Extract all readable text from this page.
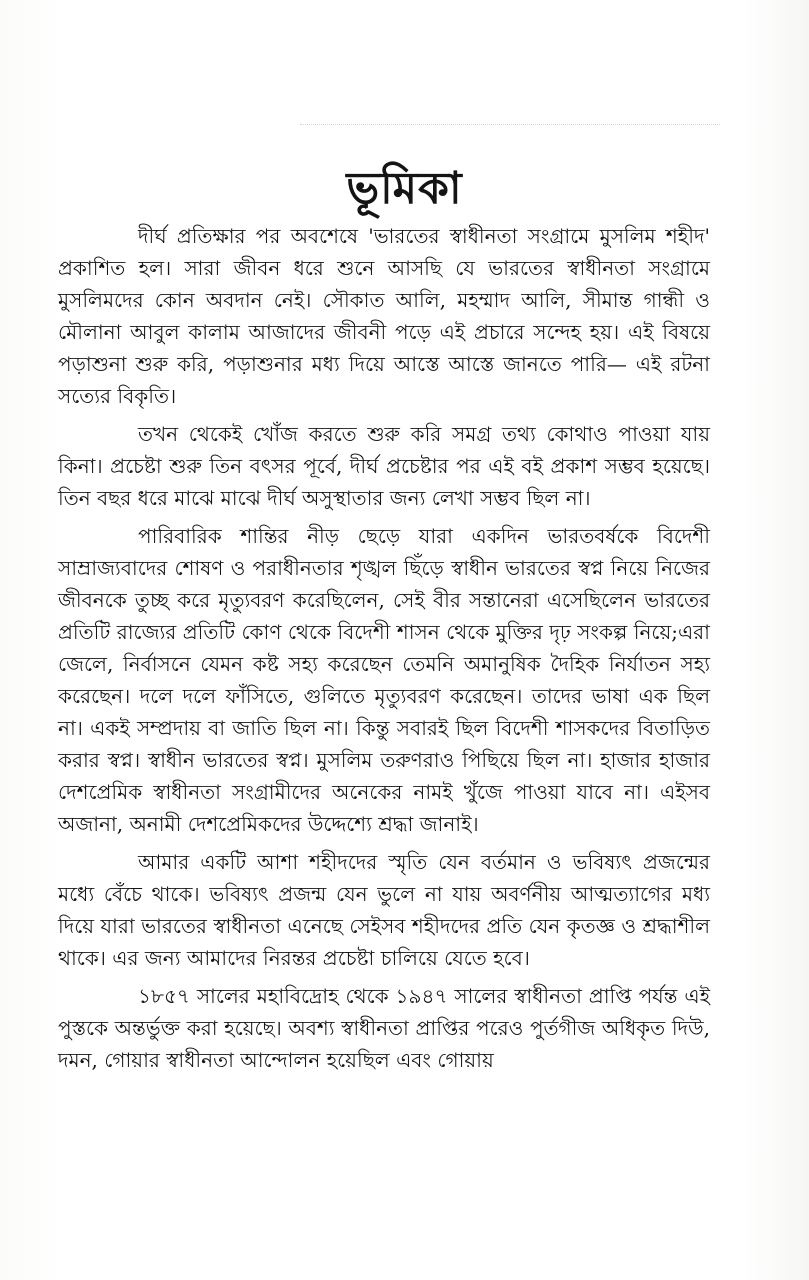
ভূমিকা

দীর্ঘ প্রতিক্ষার পর অবশেষে 'ভারতের স্বাধীনতা সংগ্রামে মুসলিম শহীদ' প্রকাশিত হল। সারা জীবন ধরে শুনে আসছি যে ভারতের স্বাধীনতা সংগ্রামে মুসলিমদের কোন অবদান নেই। সৌকাত আলি, মহম্মাদ আলি, সীমান্ত গান্ধী ও মৌলানা আবুল কালাম আজাদের জীবনী পড়ে এই প্রচারে সন্দেহ হয়। এই বিষয়ে পড়াশুনা শুরু করি, পড়াশুনার মধ্য দিয়ে আস্তে আস্তে জানতে পারি— এই রটনা সত্যের বিকৃতি।

তখন থেকেই খোঁজ করতে শুরু করি সমগ্র তথ্য কোথাও পাওয়া যায় কিনা। প্রচেষ্টা শুরু তিন বৎসর পূর্বে, দীর্ঘ প্রচেষ্টার পর এই বই প্রকাশ সম্ভব হয়েছে। তিন বছর ধরে মাঝে মাঝে দীর্ঘ অসুস্থাতার জন্য লেখা সম্ভব ছিল না।

পারিবারিক শান্তির নীড় ছেড়ে যারা একদিন ভারতবর্ষকে বিদেশী সাম্রাজ্যবাদের শোষণ ও পরাধীনতার শৃঙ্খল ছিঁড়ে স্বাধীন ভারতের স্বপ্ন নিয়ে নিজের জীবনকে তুচ্ছ করে মৃত্যুবরণ করেছিলেন, সেই বীর সন্তানেরা এসেছিলেন ভারতের প্রতিটি রাজ্যের প্রতিটি কোণ থেকে বিদেশী শাসন থেকে মুক্তির দৃঢ় সংকল্প নিয়ে;এরা জেলে, নির্বাসনে যেমন কষ্ট সহ্য করেছেন তেমনি অমানুষিক দৈহিক নির্যাতন সহ্য করেছেন। দলে দলে ফাঁসিতে, গুলিতে মৃত্যুবরণ করেছেন। তাদের ভাষা এক ছিল না। একই সম্প্রদায় বা জাতি ছিল না। কিন্তু সবারই ছিল বিদেশী শাসকদের বিতাড়িত করার স্বপ্ন। স্বাধীন ভারতের স্বপ্ন। মুসলিম তরুণরাও পিছিয়ে ছিল না। হাজার হাজার দেশপ্রেমিক স্বাধীনতা সংগ্রামীদের অনেকের নামই খুঁজে পাওয়া যাবে না। এইসব অজানা, অনামী দেশপ্রেমিকদের উদ্দেশ্যে শ্রদ্ধা জানাই।

আমার একটি আশা শহীদদের স্মৃতি যেন বর্তমান ও ভবিষ্যৎ প্রজন্মের মধ্যে বেঁচে থাকে। ভবিষ্যৎ প্রজন্ম যেন ভুলে না যায় অবর্ণনীয় আত্মত্যাগের মধ্য দিয়ে যারা ভারতের স্বাধীনতা এনেছে সেইসব শহীদদের প্রতি যেন কৃতজ্ঞ ও শ্রদ্ধাশীল থাকে। এর জন্য আমাদের নিরন্তর প্রচেষ্টা চালিয়ে যেতে হবে।

১৮৫৭ সালের মহাবিদ্রোহ থেকে ১৯৪৭ সালের স্বাধীনতা প্রাপ্তি পর্যন্ত এই পুস্তকে অন্তর্ভুক্ত করা হয়েছে। অবশ্য স্বাধীনতা প্রাপ্তির পরেও পুর্তগীজ অধিকৃত দিউ, দমন, গোয়ার স্বাধীনতা আন্দোলন হয়েছিল এবং গোয়ায়
